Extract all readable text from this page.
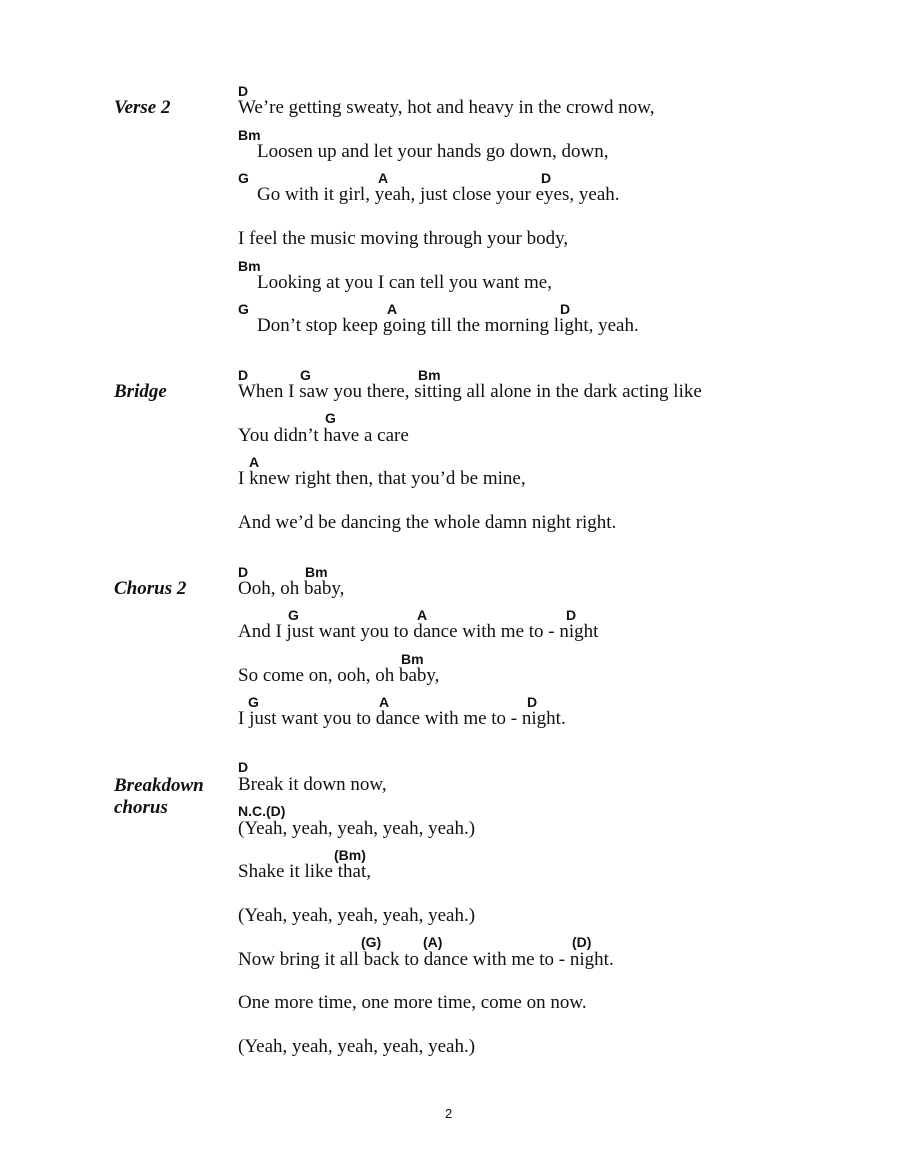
Verse 2
D
We’re getting sweaty, hot and heavy in the crowd now,
Bm
Loosen up and let your hands go down, down,
G	A	D
Go with it girl, yeah, just close your eyes, yeah.
I feel the music moving through your body,
Bm
Looking at you I can tell you want me,
G	A	D
Don’t stop keep going till the morning light, yeah.
Bridge
D	G	Bm
When I saw you there, sitting all alone in the dark acting like
G
You didn’t have a care
A
I knew right then, that you’d be mine,
And we’d be dancing the whole damn night right.
Chorus 2
D	Bm
Ooh, oh baby,
G	A	D
And I just want you to dance with me to - night
Bm
So come on, ooh, oh baby,
G	A	D
I just want you to dance with me to - night.
Breakdown
chorus
D
Break it down now,
N.C.(D)
(Yeah, yeah, yeah, yeah, yeah.)
(Bm)
Shake it like that,
(Yeah, yeah, yeah, yeah, yeah.)
(G)	(A)	(D)
Now bring it all back to dance with me to - night.
One more time, one more time, come on now.
(Yeah, yeah, yeah, yeah, yeah.)
2
